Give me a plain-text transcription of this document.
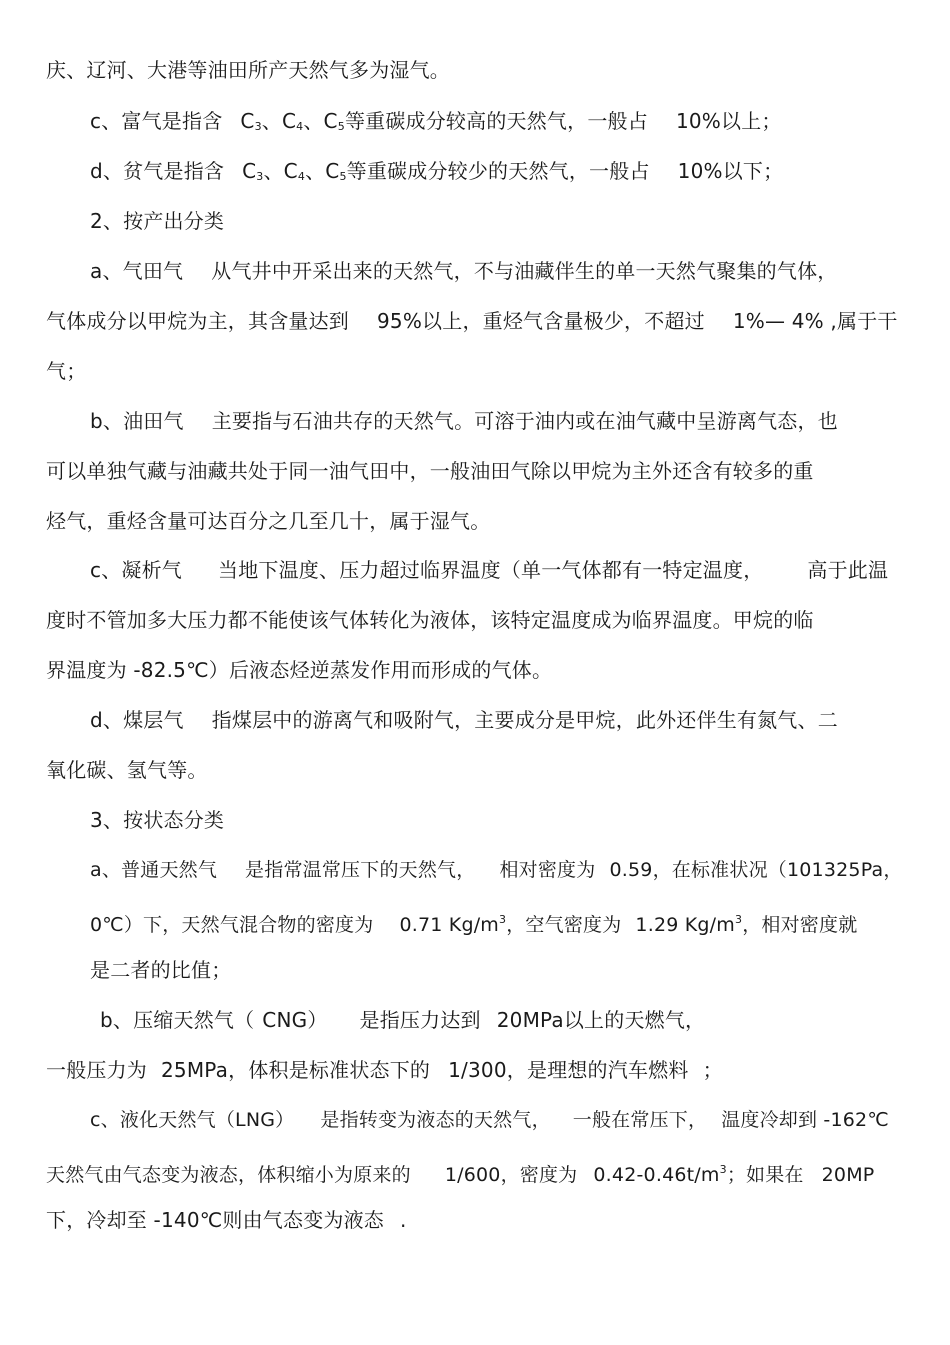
庆、辽河、大港等油田所产天然气多为湿气。
c、富气是指含 C3、C4、C5等重碳成分较高的天然气，一般占 10%以上；
d、贫气是指含 C3、C4、C5等重碳成分较少的天然气，一般占 10%以下；
2、按产出分类
a、气田气 从气井中开采出来的天然气，不与油藏伴生的单一天然气聚集的气体，
气体成分以甲烷为主，其含量达到 95%以上，重烃气含量极少，不超过 1%— 4% ,属于干
气；
b、油田气 主要指与石油共存的天然气。可溶于油内或在油气藏中呈游离气态，也
可以单独气藏与油藏共处于同一油气田中，一般油田气除以甲烷为主外还含有较多的重
烃气，重烃含量可达百分之几至几十，属于湿气。
c、凝析气 当地下温度、压力超过临界温度（单一气体都有一特定温度， 高于此温
度时不管加多大压力都不能使该气体转化为液体，该特定温度成为临界温度。甲烷的临
界温度为 -82.5℃）后液态烃逆蒸发作用而形成的气体。
d、煤层气 指煤层中的游离气和吸附气，主要成分是甲烷，此外还伴生有氮气、二
氧化碳、氢气等。
3、按状态分类
a、普通天然气 是指常温常压下的天然气， 相对密度为 0.59，在标准状况（101325Pa，
0℃）下，天然气混合物的密度为 0.71 $Kg/m^3$，空气密度为 1.29 $Kg/m^3$，相对密度就
是二者的比值；
b、压缩天然气（ CNG） 是指压力达到 20MPa以上的天燃气，
一般压力为 25MPa，体积是标准状态下的 1/300，是理想的汽车燃料 ；
c、液化天然气（LNG） 是指转变为液态的天然气， 一般在常压下， 温度冷却到 -162℃
天然气由气态变为液态，体积缩小为原来的 1/600，密度为 $0.42-0.46t/m^3$；如果在 20MP
下，冷却至 -140℃则由气态变为液态 .
